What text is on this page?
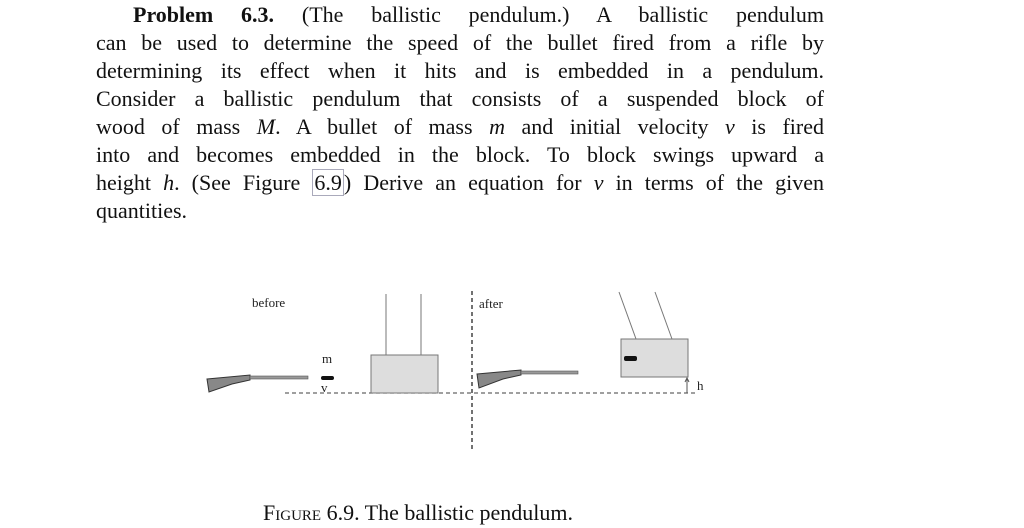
Problem 6.3. (The ballistic pendulum.) A ballistic pendulum
can be used to determine the speed of the bullet fired from a rifle by
determining its effect when it hits and is embedded in a pendulum.
Consider a ballistic pendulum that consists of a suspended block of
wood of mass M. A bullet of mass m and initial velocity v is fired
into and becomes embedded in the block. To block swings upward a
height h. (See Figure 6.9) Derive an equation for v in terms of the given
quantities.
before	after
m
v	h
Figure 6.9. The ballistic pendulum.
